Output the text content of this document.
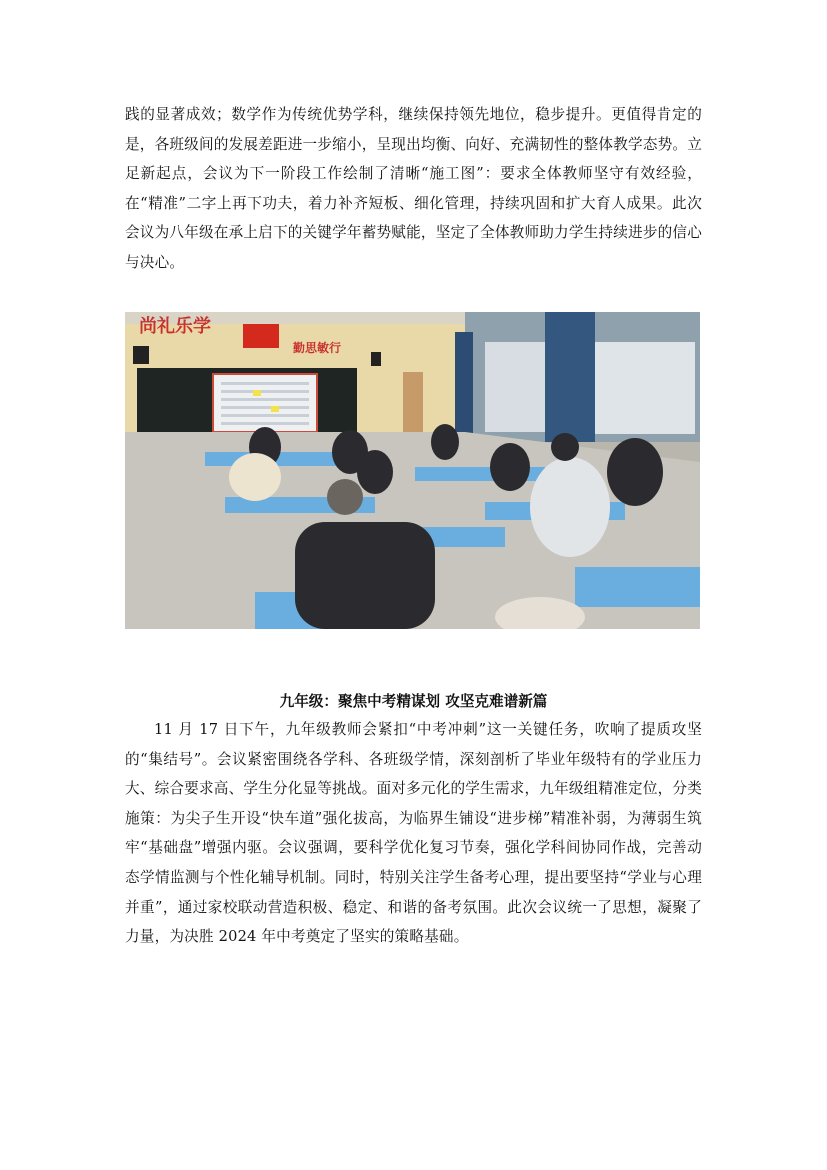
践的显著成效；数学作为传统优势学科，继续保持领先地位，稳步提升。更值得肯定的是，各班级间的发展差距进一步缩小，呈现出均衡、向好、充满韧性的整体教学态势。立足新起点，会议为下一阶段工作绘制了清晰“施工图”：要求全体教师坚守有效经验，在“精准”二字上再下功夫，着力补齐短板、细化管理，持续巩固和扩大育人成果。此次会议为八年级在承上启下的关键学年蓄势赋能，坚定了全体教师助力学生持续进步的信心与决心。

尚礼乐学
勤思敏行

九年级：聚焦中考精谋划 攻坚克难谱新篇

11 月 17 日下午，九年级教师会紧扣“中考冲刺”这一关键任务，吹响了提质攻坚的“集结号”。会议紧密围绕各学科、各班级学情，深刻剖析了毕业年级特有的学业压力大、综合要求高、学生分化显等挑战。面对多元化的学生需求，九年级组精准定位，分类施策：为尖子生开设“快车道”强化拔高，为临界生铺设“进步梯”精准补弱，为薄弱生筑牢“基础盘”增强内驱。会议强调，要科学优化复习节奏，强化学科间协同作战，完善动态学情监测与个性化辅导机制。同时，特别关注学生备考心理，提出要坚持“学业与心理并重”，通过家校联动营造积极、稳定、和谐的备考氛围。此次会议统一了思想，凝聚了力量，为决胜 2024 年中考奠定了坚实的策略基础。
